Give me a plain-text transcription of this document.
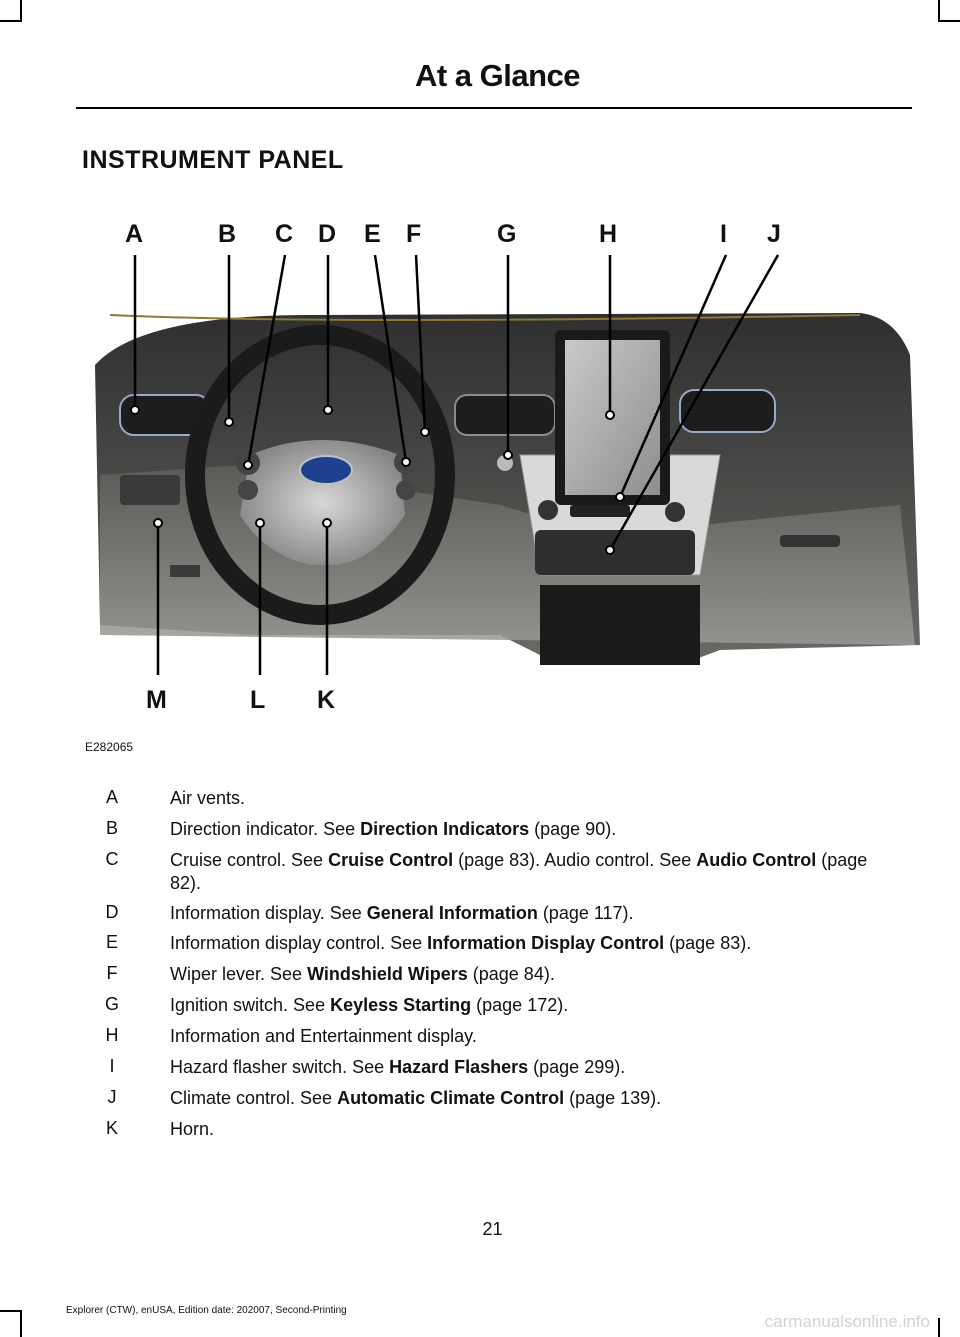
At a Glance
INSTRUMENT PANEL
A	B C D E F	G	H	I J
M	L K
E282065
A	Air vents.
B	Direction indicator. See Direction Indicators (page 90).
C	Cruise control. See Cruise Control (page 83). Audio control. See Audio Control (page 82).
D	Information display. See General Information (page 117).
E	Information display control. See Information Display Control (page 83).
F	Wiper lever. See Windshield Wipers (page 84).
G	Ignition switch. See Keyless Starting (page 172).
H	Information and Entertainment display.
I	Hazard flasher switch. See Hazard Flashers (page 299).
J	Climate control. See Automatic Climate Control (page 139).
K	Horn.
21
Explorer (CTW), enUSA, Edition date: 202007, Second-Printing
carmanualsonline.info
